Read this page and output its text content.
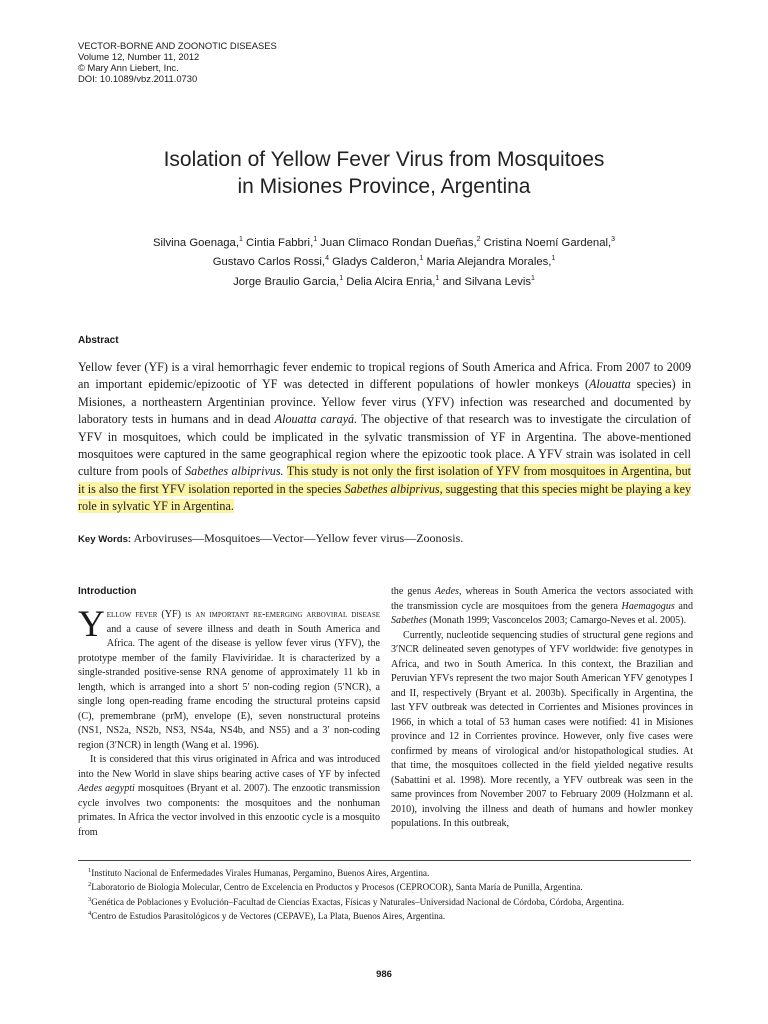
VECTOR-BORNE AND ZOONOTIC DISEASES
Volume 12, Number 11, 2012
© Mary Ann Liebert, Inc.
DOI: 10.1089/vbz.2011.0730
Isolation of Yellow Fever Virus from Mosquitoes
in Misiones Province, Argentina
Silvina Goenaga,$^1$ Cintia Fabbri,$^1$ Juan Climaco Rondan Dueñas,$^2$ Cristina Noemí Gardenal,$^3$
Gustavo Carlos Rossi,$^4$ Gladys Calderon,$^1$ Maria Alejandra Morales,$^1$
Jorge Braulio Garcia,$^1$ Delia Alcira Enria,$^1$ and Silvana Levis$^1$
Abstract
Yellow fever (YF) is a viral hemorrhagic fever endemic to tropical regions of South America and Africa. From 2007 to 2009 an important epidemic/epizootic of YF was detected in different populations of howler monkeys (Alouatta species) in Misiones, a northeastern Argentinian province. Yellow fever virus (YFV) infection was researched and documented by laboratory tests in humans and in dead Alouatta carayá. The objective of that research was to investigate the circulation of YFV in mosquitoes, which could be implicated in the sylvatic transmission of YF in Argentina. The above-mentioned mosquitoes were captured in the same geographical region where the epizootic took place. A YFV strain was isolated in cell culture from pools of Sabethes albiprivus. This study is not only the first isolation of YFV from mosquitoes in Argentina, but it is also the first YFV isolation reported in the species Sabethes albiprivus, suggesting that this species might be playing a key role in sylvatic YF in Argentina.
Key Words: Arboviruses—Mosquitoes—Vector—Yellow fever virus—Zoonosis.
Introduction

Yellow fever (YF) is an important re-emerging arboviral disease and a cause of severe illness and death in South America and Africa. The agent of the disease is yellow fever virus (YFV), the prototype member of the family Flaviviridae. It is characterized by a single-stranded positive-sense RNA genome of approximately 11 kb in length, which is arranged into a short 5′ non-coding region (5′NCR), a single long open-reading frame encoding the structural proteins capsid (C), premembrane (prM), envelope (E), seven nonstructural proteins (NS1, NS2a, NS2b, NS3, NS4a, NS4b, and NS5) and a 3′ non-coding region (3′NCR) in length (Wang et al. 1996).

It is considered that this virus originated in Africa and was introduced into the New World in slave ships bearing active cases of YF by infected Aedes aegypti mosquitoes (Bryant et al. 2007). The enzootic transmission cycle involves two components: the mosquitoes and the nonhuman primates. In Africa the vector involved in this enzootic cycle is a mosquito from

the genus Aedes, whereas in South America the vectors associated with the transmission cycle are mosquitoes from the genera Haemagogus and Sabethes (Monath 1999; Vasconcelos 2003; Camargo-Neves et al. 2005).

Currently, nucleotide sequencing studies of structural gene regions and 3′NCR delineated seven genotypes of YFV worldwide: five genotypes in Africa, and two in South America. In this context, the Brazilian and Peruvian YFVs represent the two major South American YFV genotypes I and II, respectively (Bryant et al. 2003b). Specifically in Argentina, the last YFV outbreak was detected in Corrientes and Misiones provinces in 1966, in which a total of 53 human cases were notified: 41 in Misiones province and 12 in Corrientes province. However, only five cases were confirmed by means of virological and/or histopathological studies. At that time, the mosquitoes collected in the field yielded negative results (Sabattini et al. 1998). More recently, a YFV outbreak was seen in the same provinces from November 2007 to February 2009 (Holzmann et al. 2010), involving the illness and death of humans and howler monkey populations. In this outbreak,

$^1$Instituto Nacional de Enfermedades Virales Humanas, Pergamino, Buenos Aires, Argentina.
$^2$Laboratorio de Biologia Molecular, Centro de Excelencia en Productos y Procesos (CEPROCOR), Santa María de Punilla, Argentina.
$^3$Genética de Poblaciones y Evolución–Facultad de Ciencias Exactas, Físicas y Naturales–Universidad Nacional de Córdoba, Córdoba, Argentina.
$^4$Centro de Estudios Parasitológicos y de Vectores (CEPAVE), La Plata, Buenos Aires, Argentina.
986
